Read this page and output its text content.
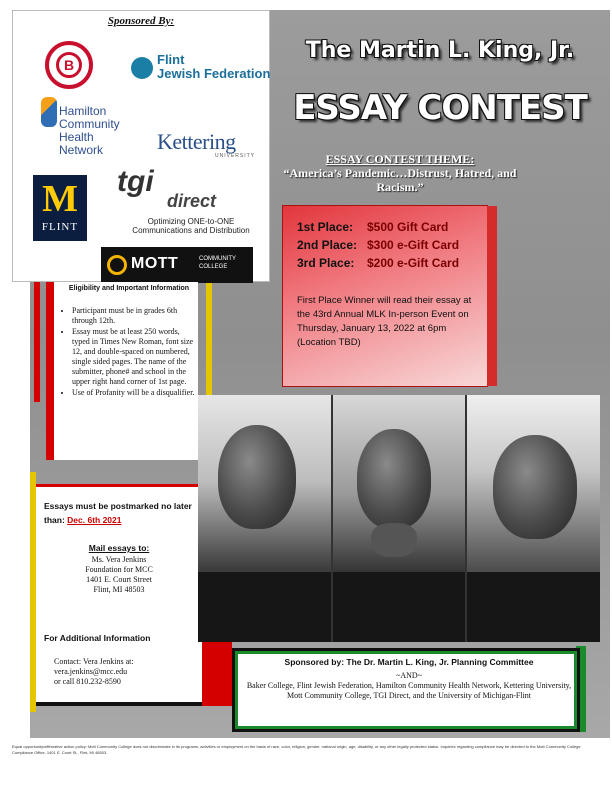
Sponsored By:
B	Flint
Jewish Federation
Hamilton
Community
Health
Network	Kettering
UNIVERSITY
M
FLINT
tgi
direct
Optimizing ONE-to-ONE
Communications and Distribution
MOTT	COMMUNITY
COLLEGE
The Martin L. King, Jr.
ESSAY CONTEST
ESSAY CONTEST THEME:
“America’s Pandemic…Distrust, Hatred, and Racism.”
1st Place:	$500 Gift Card
2nd Place: $300 e-Gift Card
3rd Place:	$200 e-Gift Card
First Place Winner will read their essay at the 43rd Annual MLK In-person Event on Thursday, January 13, 2022 at 6pm (Location TBD)
Eligibility and Important Information
• Participant must be in grades 6th through 12th.
• Essay must be at least 250 words, typed in Times New Roman, font size 12, and double-spaced on numbered, single sided pages. The name of the submitter, phone# and school in the upper right hand corner of 1st page.
• Use of Profanity will be a disqualifier.
Essays must be postmarked no later than: Dec. 6th 2021
Mail essays to:
Ms. Vera Jenkins
Foundation for MCC
1401 E. Court Street
Flint, MI 48503
For Additional Information
Contact: Vera Jenkins at:
vera.jenkins@mcc.edu
or call 810.232-8590
Sponsored by: The Dr. Martin L. King, Jr. Planning Committee
~AND~
Baker College, Flint Jewish Federation, Hamilton Community Health Network, Kettering University, Mott Community College, TGI Direct, and the University of Michigan-Flint
Equal opportunity/affirmative action policy: Mott Community College does not discriminate in its programs, activities or employment on the basis of race, color, religion, gender, national origin, age, disability, or any other legally protected status. Inquiries regarding compliance may be directed to the Mott Community College Compliance Office, 1401 E. Court St., Flint, MI 48503.
